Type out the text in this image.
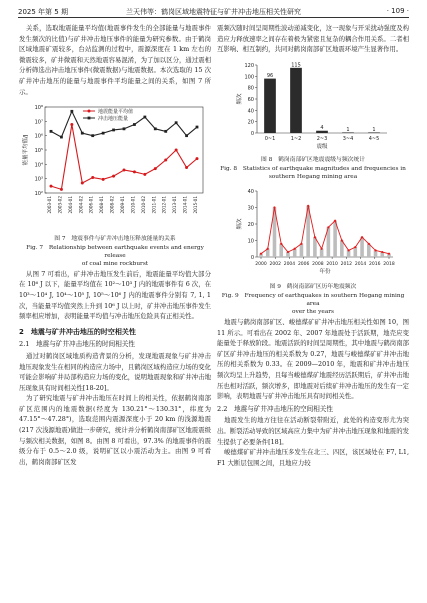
2025 年第 5 期	兰天伟等：鹤岗区域地震特征与矿井冲击地压相关性研究	· 109 ·

关系，选取地震能量平均值(地震事件发生的全部能量与地震事件发生频次的比值)与矿井冲击地压事件的能量为研究参数。由于鹤岗区域地震矿震较多，台站监测的过程中，震源深度在 1 km 左右的微震较多，矿井微震和天然地震容易混淆，为了加以区分，通过震相分析筛选出冲击地压事件(微震数据)与地震数据。本次选取的 15 次矿井冲击地压的能量与地震事件平均能量之间的关系，如图 7 所示。

10²
10³
10⁴
10⁵
10⁶
10⁷
10⁸
能量平均值/J
2003-01 2003-02 2004-01 2004-02 2006-01 2008-01 2008-02 2009-01 2010-01 2010-02 2011-01 2012-01 2013-01 2014-01 2015-01
地震能量平均值
冲击地压能量
图 7　地震事件与矿井冲击地压释放能量的关系
Fig. 7　Relationship between earthquake events and energy release
of coal mine rockburst

从图 7 可看出，矿井冲击地压发生前后，地震能量平均值大部分在 10⁶ J 以下，能量平均值在 10²～10³ J 内的地震事件有 6 次，在 10³～10⁴ J, 10⁴～10⁵ J, 10⁵～10⁶ J 内的地震事件分别有 7, 1, 1 次，当能量平均值突然上升到 10⁶ J 以上时，矿井冲击地压事件发生频率相应增加，表明能量平均值与冲击地压危险具有正相关性。

2　地震与矿井冲击地压的时空相关性
2.1　地震与矿井冲击地压的时间相关性

通过对鹤岗区域地质构造背景的分析，发现地震现象与矿井冲击地压现象发生在相同的构造应力场中，且鹤岗区域构造应力场的变化可能会影响矿井局部构造应力场的变化，说明地震现象和矿井冲击地压现象具有时间相关性[18-20]。

为了研究地震与矿井冲击地压在时间上的相关性，依据鹤岗南部矿区范围内的地震数据(经度为 130.21°～130.31°，纬度为 47.15°～47.28°)，选取范围内震源深度小于 20 km 的浅源地震(217 次浅源地震)做进一步研究，统计并分析鹤岗南部矿区地震震级与频次相关数据，如图 8。由图 8 可看出，97.3% 的地震事件的震级分布于 0.5～2.0 级，说明矿区以小震活动为主。由图 9 可看出，鹤岗南部矿区发

震频次随时间呈周期性波动递减变化，这一现象与开采扰动强度及构造应力释放速率之间存在着极为紧密且复杂的耦合作用关系。二者相互影响、相互制约，共同对鹤岗南部矿区地震环境产生显著作用。

0
20
40
60
80
100
120
频次
96
0~1
115
1~2
4
2~3
1
3~4
1
4~5
震级
图 8　鹤岗南部矿区地震震级与频次统计
Fig. 8　Statistics of earthquake magnitudes and frequencies in
southern Hegang mining area
0
10
20
30
40
频次
2000 2002 2004 2006 2008 2010 2012 2014 2016 2018
年份
图 9　鹤岗南部矿区历年地震频次
Fig. 9　Frequency of earthquakes in southern Hegang mining area
over the years

地震与鹤岗南部矿区、峻德煤矿矿井冲击地压相关性如图 10，图 11 所示。可看出在 2002 年、2007 年地震处于活跃期，地壳应变能量处于释放阶段。地震活跃的时间呈周期性，其中地震与鹤岗南部矿区矿井冲击地压的相关系数为 0.27，地震与峻德煤矿矿井冲击地压的相关系数为 0.33。在 2009—2010 年，地震和矿井冲击地压频次均呈上升趋势，且每当峻德煤矿地震经历活跃期后，矿井冲击地压也相对活跃，频次增多，即地震对后续矿井冲击地压的发生有一定影响，表明地震与矿井冲击地压具有时间相关性。

2.2　地震与矿井冲击地压的空间相关性

地震发生的地方往往在活动断裂带附近，此处的构造变形尤为突出。断裂活动导致的区域高应力集中为矿井冲击地压现象和地震的发生提供了必要条件[18]。

峻德煤矿矿井冲击地压多发生在北三、四区，该区域处在 F7, L1, F1 大断层包围之间，且地应力较
